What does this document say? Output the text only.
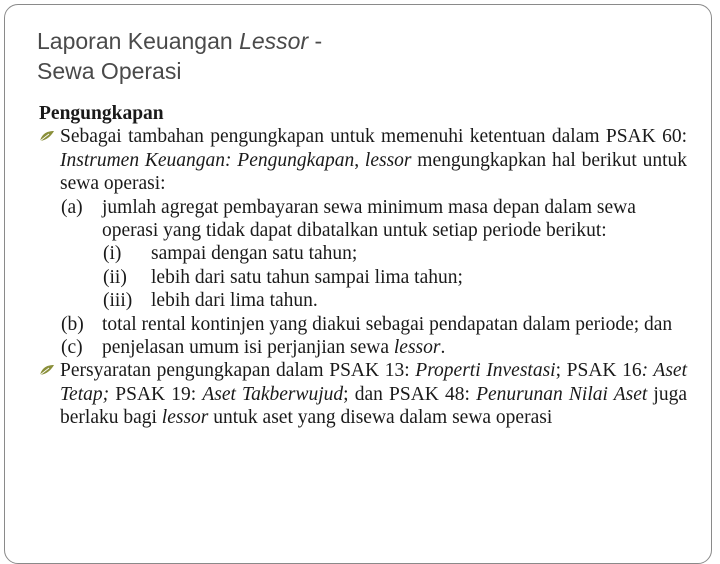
Laporan Keuangan Lessor -
Sewa Operasi

Pengungkapan

Sebagai tambahan pengungkapan untuk memenuhi ketentuan dalam PSAK 60: Instrumen Keuangan: Pengungkapan, lessor mengungkapkan hal berikut untuk sewa operasi:

(a) jumlah agregat pembayaran sewa minimum masa depan dalam sewa operasi yang tidak dapat dibatalkan untuk setiap periode berikut:

(i) sampai dengan satu tahun;

(ii) lebih dari satu tahun sampai lima tahun;

(iii) lebih dari lima tahun.

(b) total rental kontinjen yang diakui sebagai pendapatan dalam periode; dan

(c) penjelasan umum isi perjanjian sewa lessor.

Persyaratan pengungkapan dalam PSAK 13: Properti Investasi; PSAK 16: Aset Tetap; PSAK 19: Aset Takberwujud; dan PSAK 48: Penurunan Nilai Aset juga berlaku bagi lessor untuk aset yang disewa dalam sewa operasi
